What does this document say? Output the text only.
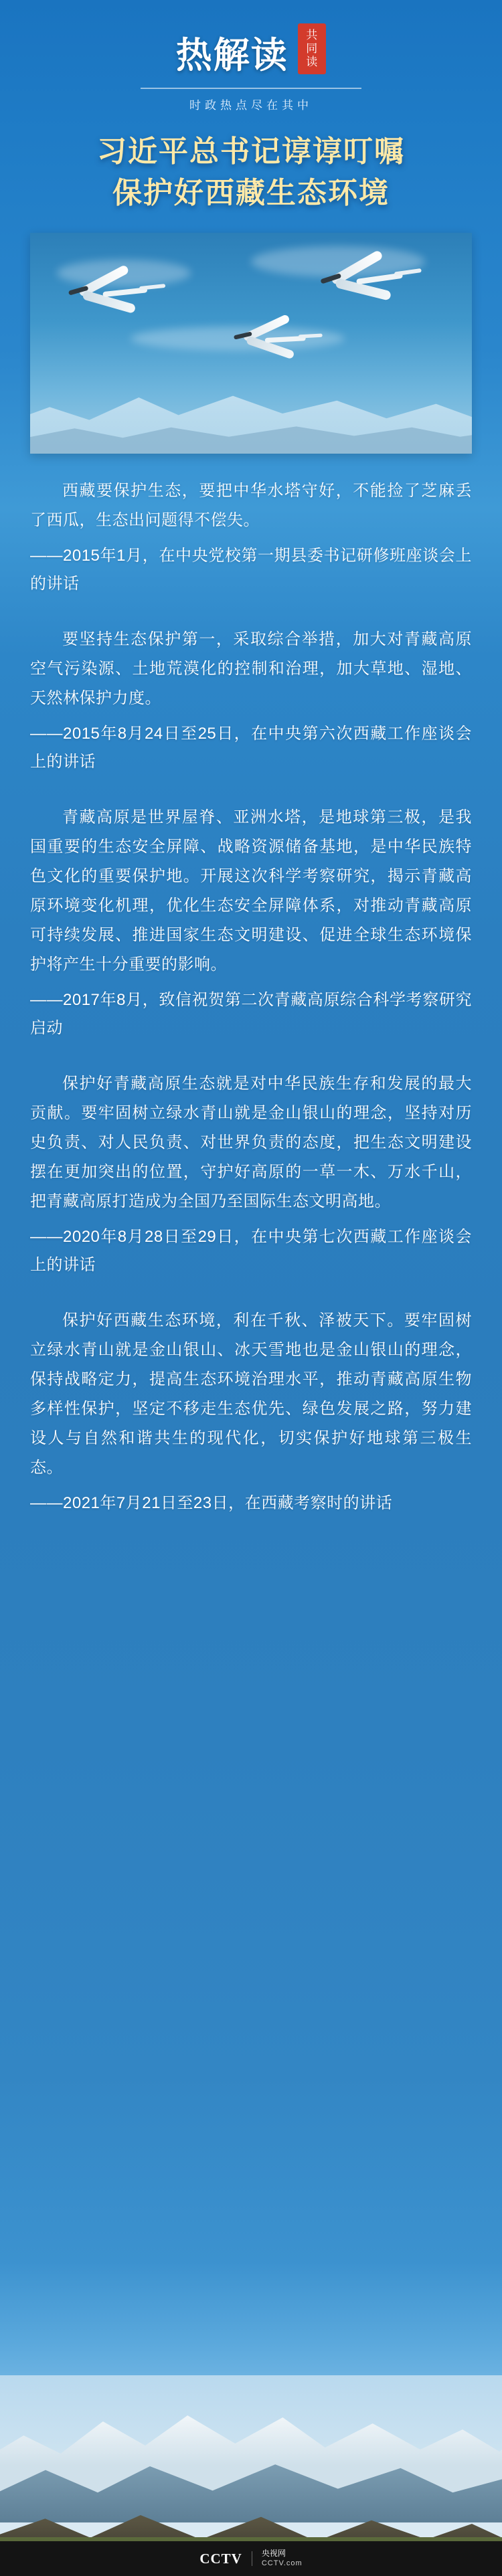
热解读 共同读
时政热点尽在其中
习近平总书记谆谆叮嘱
保护好西藏生态环境

西藏要保护生态，要把中华水塔守好，不能捡了芝麻丢了西瓜，生态出问题得不偿失。

——2015年1月，在中央党校第一期县委书记研修班座谈会上的讲话

要坚持生态保护第一，采取综合举措，加大对青藏高原空气污染源、土地荒漠化的控制和治理，加大草地、湿地、天然林保护力度。

——2015年8月24日至25日，在中央第六次西藏工作座谈会上的讲话

青藏高原是世界屋脊、亚洲水塔，是地球第三极，是我国重要的生态安全屏障、战略资源储备基地，是中华民族特色文化的重要保护地。开展这次科学考察研究，揭示青藏高原环境变化机理，优化生态安全屏障体系，对推动青藏高原可持续发展、推进国家生态文明建设、促进全球生态环境保护将产生十分重要的影响。

——2017年8月，致信祝贺第二次青藏高原综合科学考察研究启动

保护好青藏高原生态就是对中华民族生存和发展的最大贡献。要牢固树立绿水青山就是金山银山的理念，坚持对历史负责、对人民负责、对世界负责的态度，把生态文明建设摆在更加突出的位置，守护好高原的一草一木、万水千山，把青藏高原打造成为全国乃至国际生态文明高地。

——2020年8月28日至29日，在中央第七次西藏工作座谈会上的讲话

保护好西藏生态环境，利在千秋、泽被天下。要牢固树立绿水青山就是金山银山、冰天雪地也是金山银山的理念，保持战略定力，提高生态环境治理水平，推动青藏高原生物多样性保护，坚定不移走生态优先、绿色发展之路，努力建设人与自然和谐共生的现代化，切实保护好地球第三极生态。

——2021年7月21日至23日，在西藏考察时的讲话

CCTV 央视网
CCTV.com
